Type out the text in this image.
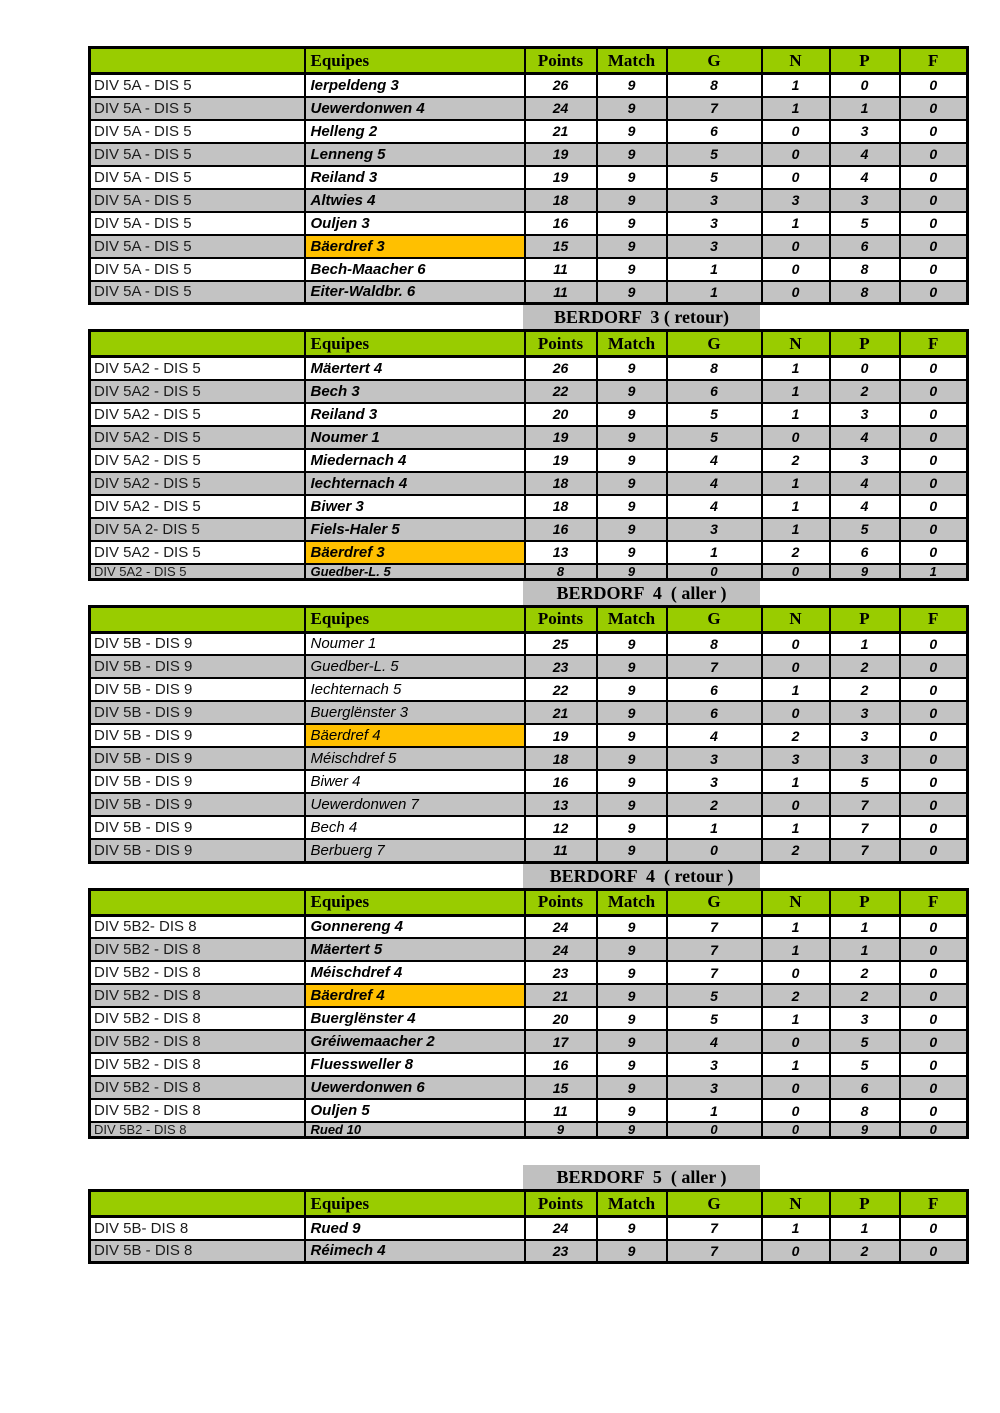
	Equipes	Points	Match	G	N	P	F
DIV 5A - DIS 5	Ierpeldeng 3	26	9	8	1	0	0
DIV 5A - DIS 5	Uewerdonwen 4	24	9	7	1	1	0
DIV 5A - DIS 5	Helleng 2	21	9	6	0	3	0
DIV 5A - DIS 5	Lenneng 5	19	9	5	0	4	0
DIV 5A - DIS 5	Reiland 3	19	9	5	0	4	0
DIV 5A - DIS 5	Altwies 4	18	9	3	3	3	0
DIV 5A - DIS 5	Ouljen 3	16	9	3	1	5	0
DIV 5A - DIS 5	Bäerdref 3	15	9	3	0	6	0
DIV 5A - DIS 5	Bech-Maacher 6	11	9	1	0	8	0
DIV 5A - DIS 5	Eiter-Waldbr. 6	11	9	1	0	8	0
BERDORF  3 ( retour)
	Equipes	Points	Match	G	N	P	F
DIV 5A2 - DIS 5	Mäertert 4	26	9	8	1	0	0
DIV 5A2 - DIS 5	Bech 3	22	9	6	1	2	0
DIV 5A2 - DIS 5	Reiland 3	20	9	5	1	3	0
DIV 5A2 - DIS 5	Noumer 1	19	9	5	0	4	0
DIV 5A2 - DIS 5	Miedernach 4	19	9	4	2	3	0
DIV 5A2 - DIS 5	Iechternach 4	18	9	4	1	4	0
DIV 5A2 - DIS 5	Biwer 3	18	9	4	1	4	0
DIV 5A 2- DIS 5	Fiels-Haler 5	16	9	3	1	5	0
DIV 5A2 - DIS 5	Bäerdref 3	13	9	1	2	6	0
DIV 5A2 - DIS 5	Guedber-L. 5	8	9	0	0	9	1
BERDORF  4  ( aller )
	Equipes	Points	Match	G	N	P	F
DIV 5B - DIS 9	Noumer 1	25	9	8	0	1	0
DIV 5B - DIS 9	Guedber-L. 5	23	9	7	0	2	0
DIV 5B - DIS 9	Iechternach 5	22	9	6	1	2	0
DIV 5B - DIS 9	Buerglënster 3	21	9	6	0	3	0
DIV 5B - DIS 9	Bäerdref 4	19	9	4	2	3	0
DIV 5B - DIS 9	Méischdref 5	18	9	3	3	3	0
DIV 5B - DIS 9	Biwer 4	16	9	3	1	5	0
DIV 5B - DIS 9	Uewerdonwen 7	13	9	2	0	7	0
DIV 5B - DIS 9	Bech 4	12	9	1	1	7	0
DIV 5B - DIS 9	Berbuerg 7	11	9	0	2	7	0
BERDORF  4  ( retour )
	Equipes	Points	Match	G	N	P	F
DIV 5B2- DIS 8	Gonnereng 4	24	9	7	1	1	0
DIV 5B2 - DIS 8	Mäertert 5	24	9	7	1	1	0
DIV 5B2 - DIS 8	Méischdref 4	23	9	7	0	2	0
DIV 5B2 - DIS 8	Bäerdref 4	21	9	5	2	2	0
DIV 5B2 - DIS 8	Buerglënster 4	20	9	5	1	3	0
DIV 5B2 - DIS 8	Gréiwemaacher 2	17	9	4	0	5	0
DIV 5B2 - DIS 8	Fluessweller 8	16	9	3	1	5	0
DIV 5B2 - DIS 8	Uewerdonwen 6	15	9	3	0	6	0
DIV 5B2 - DIS 8	Ouljen 5	11	9	1	0	8	0
DIV 5B2 - DIS 8	Rued 10	9	9	0	0	9	0
BERDORF  5  ( aller )
	Equipes	Points	Match	G	N	P	F
DIV 5B- DIS 8	Rued 9	24	9	7	1	1	0
DIV 5B - DIS 8	Réimech 4	23	9	7	0	2	0
